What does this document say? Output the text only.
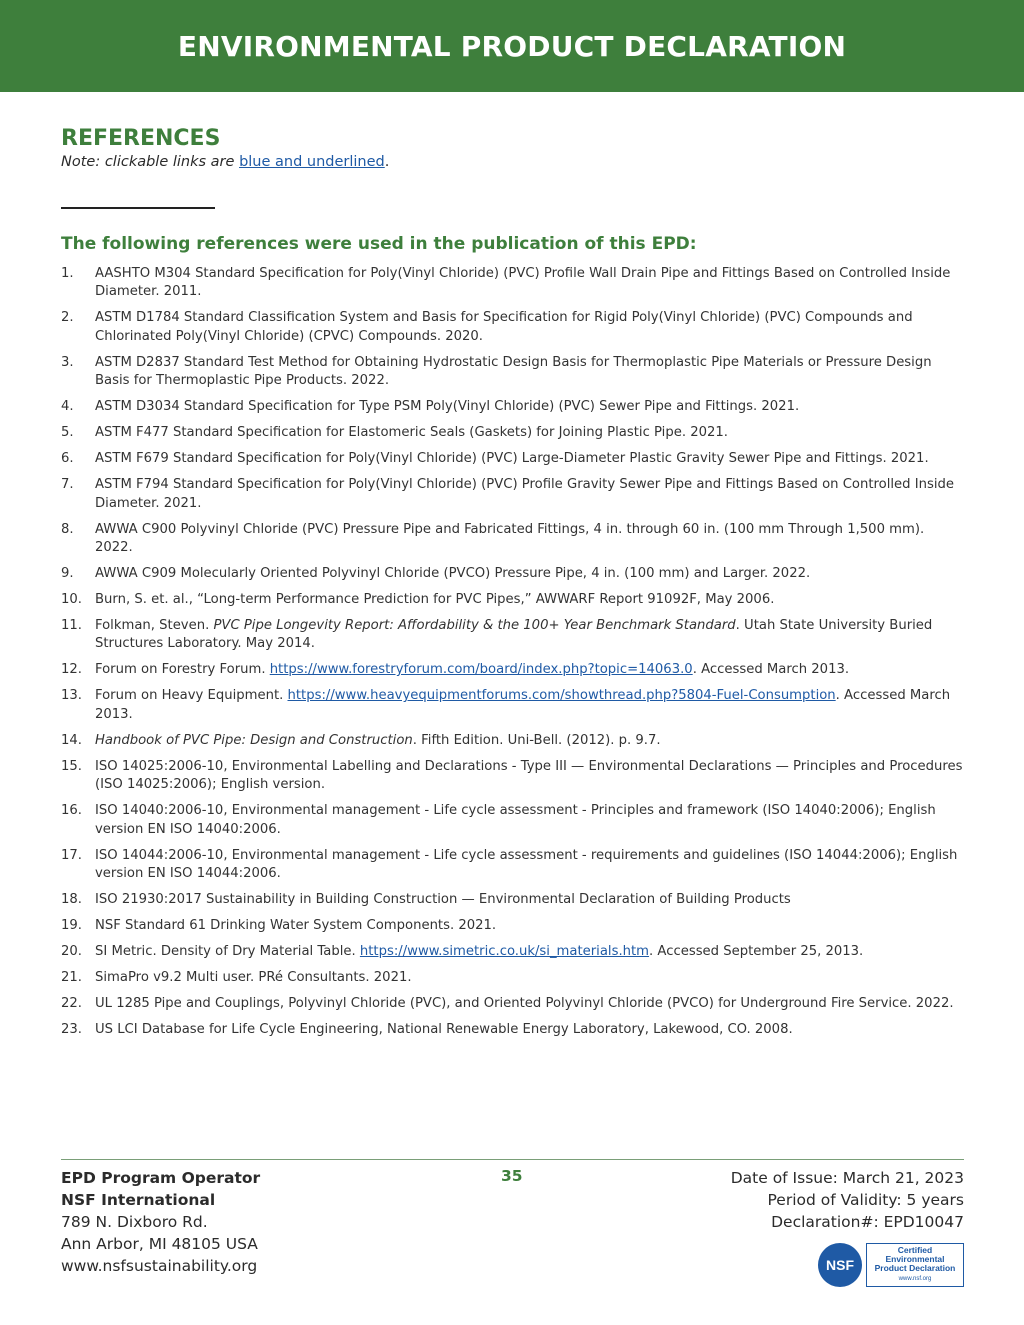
ENVIRONMENTAL PRODUCT DECLARATION
REFERENCES
Note: clickable links are blue and underlined.
The following references were used in the publication of this EPD:
1. AASHTO M304 Standard Specification for Poly(Vinyl Chloride) (PVC) Profile Wall Drain Pipe and Fittings Based on Controlled Inside Diameter. 2011.
2. ASTM D1784 Standard Classification System and Basis for Specification for Rigid Poly(Vinyl Chloride) (PVC) Compounds and Chlorinated Poly(Vinyl Chloride) (CPVC) Compounds. 2020.
3. ASTM D2837 Standard Test Method for Obtaining Hydrostatic Design Basis for Thermoplastic Pipe Materials or Pressure Design Basis for Thermoplastic Pipe Products. 2022.
4. ASTM D3034 Standard Specification for Type PSM Poly(Vinyl Chloride) (PVC) Sewer Pipe and Fittings. 2021.
5. ASTM F477 Standard Specification for Elastomeric Seals (Gaskets) for Joining Plastic Pipe. 2021.
6. ASTM F679 Standard Specification for Poly(Vinyl Chloride) (PVC) Large-Diameter Plastic Gravity Sewer Pipe and Fittings. 2021.
7. ASTM F794 Standard Specification for Poly(Vinyl Chloride) (PVC) Profile Gravity Sewer Pipe and Fittings Based on Controlled Inside Diameter. 2021.
8. AWWA C900 Polyvinyl Chloride (PVC) Pressure Pipe and Fabricated Fittings, 4 in. through 60 in. (100 mm Through 1,500 mm). 2022.
9. AWWA C909 Molecularly Oriented Polyvinyl Chloride (PVCO) Pressure Pipe, 4 in. (100 mm) and Larger. 2022.
10. Burn, S. et. al., “Long-term Performance Prediction for PVC Pipes,” AWWARF Report 91092F, May 2006.
11. Folkman, Steven. PVC Pipe Longevity Report: Affordability & the 100+ Year Benchmark Standard. Utah State University Buried Structures Laboratory. May 2014.
12. Forum on Forestry Forum. https://www.forestryforum.com/board/index.php?topic=14063.0. Accessed March 2013.
13. Forum on Heavy Equipment. https://www.heavyequipmentforums.com/showthread.php?5804-Fuel-Consumption. Accessed March 2013.
14. Handbook of PVC Pipe: Design and Construction. Fifth Edition. Uni-Bell. (2012). p. 9.7.
15. ISO 14025:2006-10, Environmental Labelling and Declarations - Type III — Environmental Declarations — Principles and Procedures (ISO 14025:2006); English version.
16. ISO 14040:2006-10, Environmental management - Life cycle assessment - Principles and framework (ISO 14040:2006); English version EN ISO 14040:2006.
17. ISO 14044:2006-10, Environmental management - Life cycle assessment - requirements and guidelines (ISO 14044:2006); English version EN ISO 14044:2006.
18. ISO 21930:2017 Sustainability in Building Construction — Environmental Declaration of Building Products
19. NSF Standard 61 Drinking Water System Components. 2021.
20. SI Metric. Density of Dry Material Table. https://www.simetric.co.uk/si_materials.htm. Accessed September 25, 2013.
21. SimaPro v9.2 Multi user. PRé Consultants. 2021.
22. UL 1285 Pipe and Couplings, Polyvinyl Chloride (PVC), and Oriented Polyvinyl Chloride (PVCO) for Underground Fire Service. 2022.
23. US LCI Database for Life Cycle Engineering, National Renewable Energy Laboratory, Lakewood, CO. 2008.
EPD Program Operator
NSF International
789 N. Dixboro Rd.
Ann Arbor, MI 48105 USA
www.nsfsustainability.org
35	Date of Issue: March 21, 2023
Period of Validity: 5 years
Declaration#: EPD10047
NSF
Certified
Environmental
Product Declaration
www.nsf.org
